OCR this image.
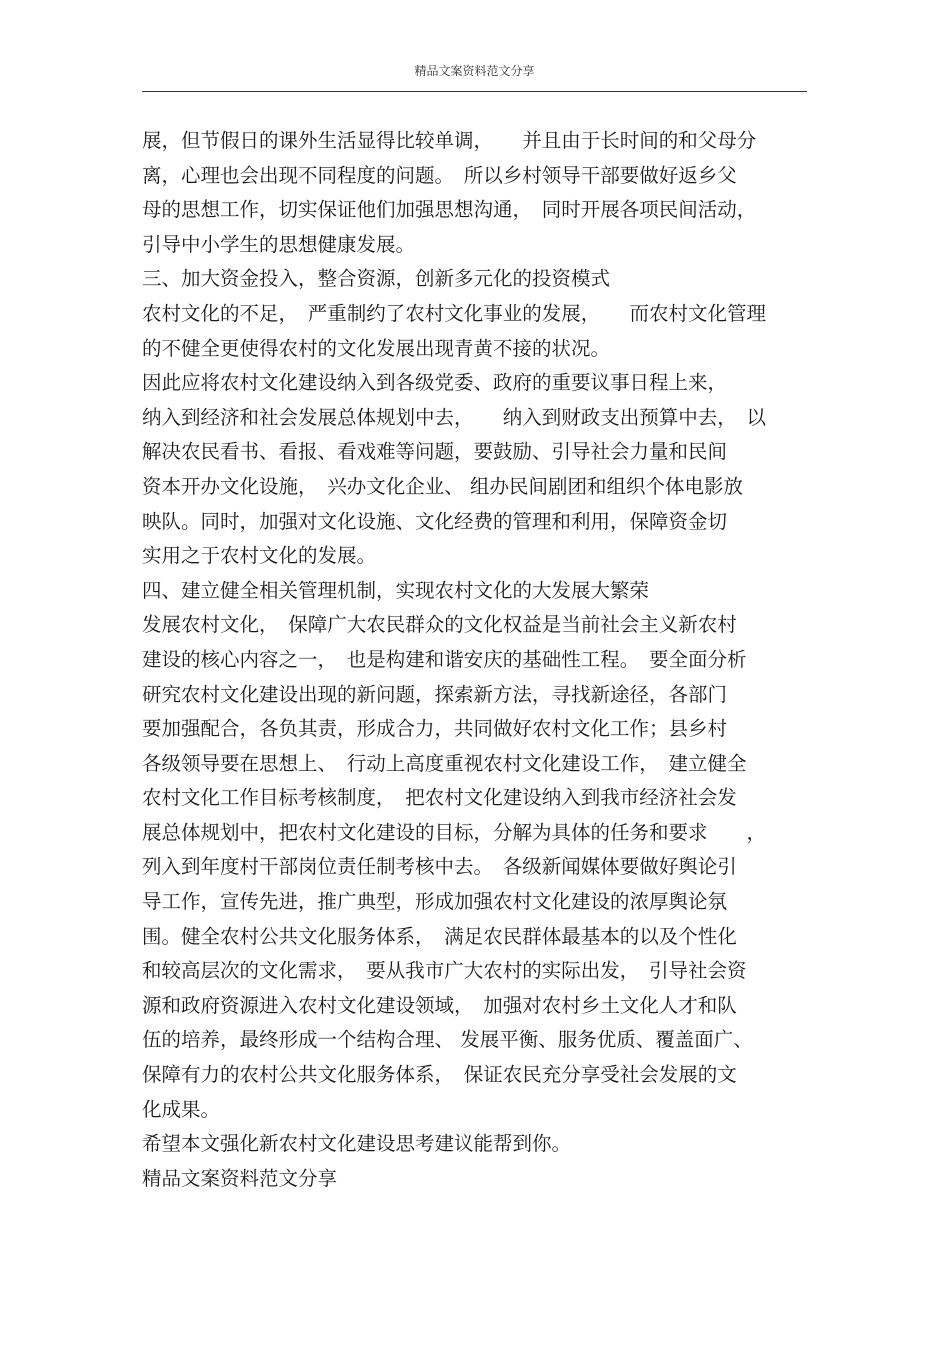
精品文案资料范文分享
展，但节假日的课外生活显得比较单调，　　并且由于长时间的和父母分
离，心理也会出现不同程度的问题。　所以乡村领导干部要做好返乡父
母的思想工作，切实保证他们加强思想沟通，　同时开展各项民间活动，
引导中小学生的思想健康发展。
三、加大资金投入，整合资源，创新多元化的投资模式
农村文化的不足，　严重制约了农村文化事业的发展，　　而农村文化管理
的不健全更使得农村的文化发展出现青黄不接的状况。
因此应将农村文化建设纳入到各级党委、政府的重要议事日程上来，
纳入到经济和社会发展总体规划中去，　　纳入到财政支出预算中去，　以
解决农民看书、看报、看戏难等问题，要鼓励、引导社会力量和民间
资本开办文化设施，　兴办文化企业、 组办民间剧团和组织个体电影放
映队。同时，加强对文化设施、文化经费的管理和利用，保障资金切
实用之于农村文化的发展。
四、建立健全相关管理机制，实现农村文化的大发展大繁荣
发展农村文化，　保障广大农民群众的文化权益是当前社会主义新农村
建设的核心内容之一，　也是构建和谐安庆的基础性工程。　要全面分析
研究农村文化建设出现的新问题，探索新方法，寻找新途径，各部门
要加强配合，各负其责，形成合力，共同做好农村文化工作；县乡村
各级领导要在思想上、　行动上高度重视农村文化建设工作，　建立健全
农村文化工作目标考核制度，　把农村文化建设纳入到我市经济社会发
展总体规划中，把农村文化建设的目标，分解为具体的任务和要求　　，
列入到年度村干部岗位责任制考核中去。　各级新闻媒体要做好舆论引
导工作，宣传先进，推广典型，形成加强农村文化建设的浓厚舆论氛
围。健全农村公共文化服务体系，　满足农民群体最基本的以及个性化
和较高层次的文化需求，　要从我市广大农村的实际出发，　引导社会资
源和政府资源进入农村文化建设领域，　加强对农村乡土文化人才和队
伍的培养，最终形成一个结构合理、 发展平衡、服务优质、覆盖面广、
保障有力的农村公共文化服务体系，　保证农民充分享受社会发展的文
化成果。
希望本文强化新农村文化建设思考建议能帮到你。
精品文案资料范文分享
